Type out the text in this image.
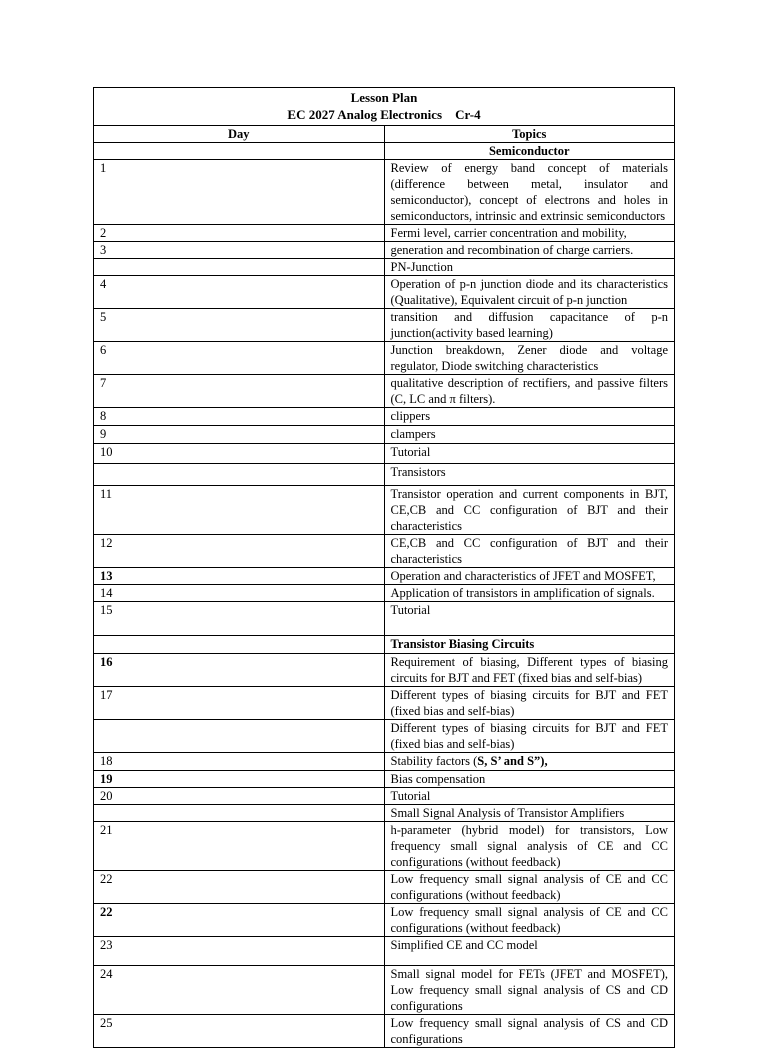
Lesson Plan
EC 2027 Analog Electronics    Cr-4	

Day	Topics
	Semiconductor
1	Review of energy band concept of materials (difference between metal, insulator and semiconductor), concept of electrons and holes in semiconductors, intrinsic and extrinsic semiconductors
2	Fermi level, carrier concentration and mobility,
3	generation and recombination of charge carriers.
	PN-Junction
4	Operation of p-n junction diode and its characteristics (Qualitative), Equivalent circuit of p-n junction
5	transition and diffusion capacitance of p-n junction(activity based learning)
6	Junction breakdown, Zener diode and voltage regulator, Diode switching characteristics
7	qualitative description of rectifiers, and passive filters (C, LC and π filters).
8	clippers
9	clampers
10	Tutorial
	Transistors
11	Transistor operation and current components in BJT, CE,CB and CC configuration of BJT and their characteristics
12	CE,CB and CC configuration of BJT and their characteristics
13	Operation and characteristics of JFET and MOSFET,
14	Application of transistors in amplification of signals.
15	Tutorial
	Transistor Biasing Circuits
16	Requirement of biasing, Different types of biasing circuits for BJT and FET (fixed bias and self-bias)
17	Different types of biasing circuits for BJT and FET (fixed bias and self-bias)
	Different types of biasing circuits for BJT and FET (fixed bias and self-bias)
18	Stability factors (S, S’ and S”),
19	Bias compensation
20	Tutorial
	Small Signal Analysis of Transistor Amplifiers
21	h-parameter (hybrid model) for transistors, Low frequency small signal analysis of CE and CC configurations (without feedback)
22	Low frequency small signal analysis of CE and CC configurations (without feedback)
22	Low frequency small signal analysis of CE and CC configurations (without feedback)
23	Simplified CE and CC model
24	Small signal model for FETs (JFET and MOSFET), Low frequency small signal analysis of CS and CD configurations
25	Low frequency small signal analysis of CS and CD configurations
